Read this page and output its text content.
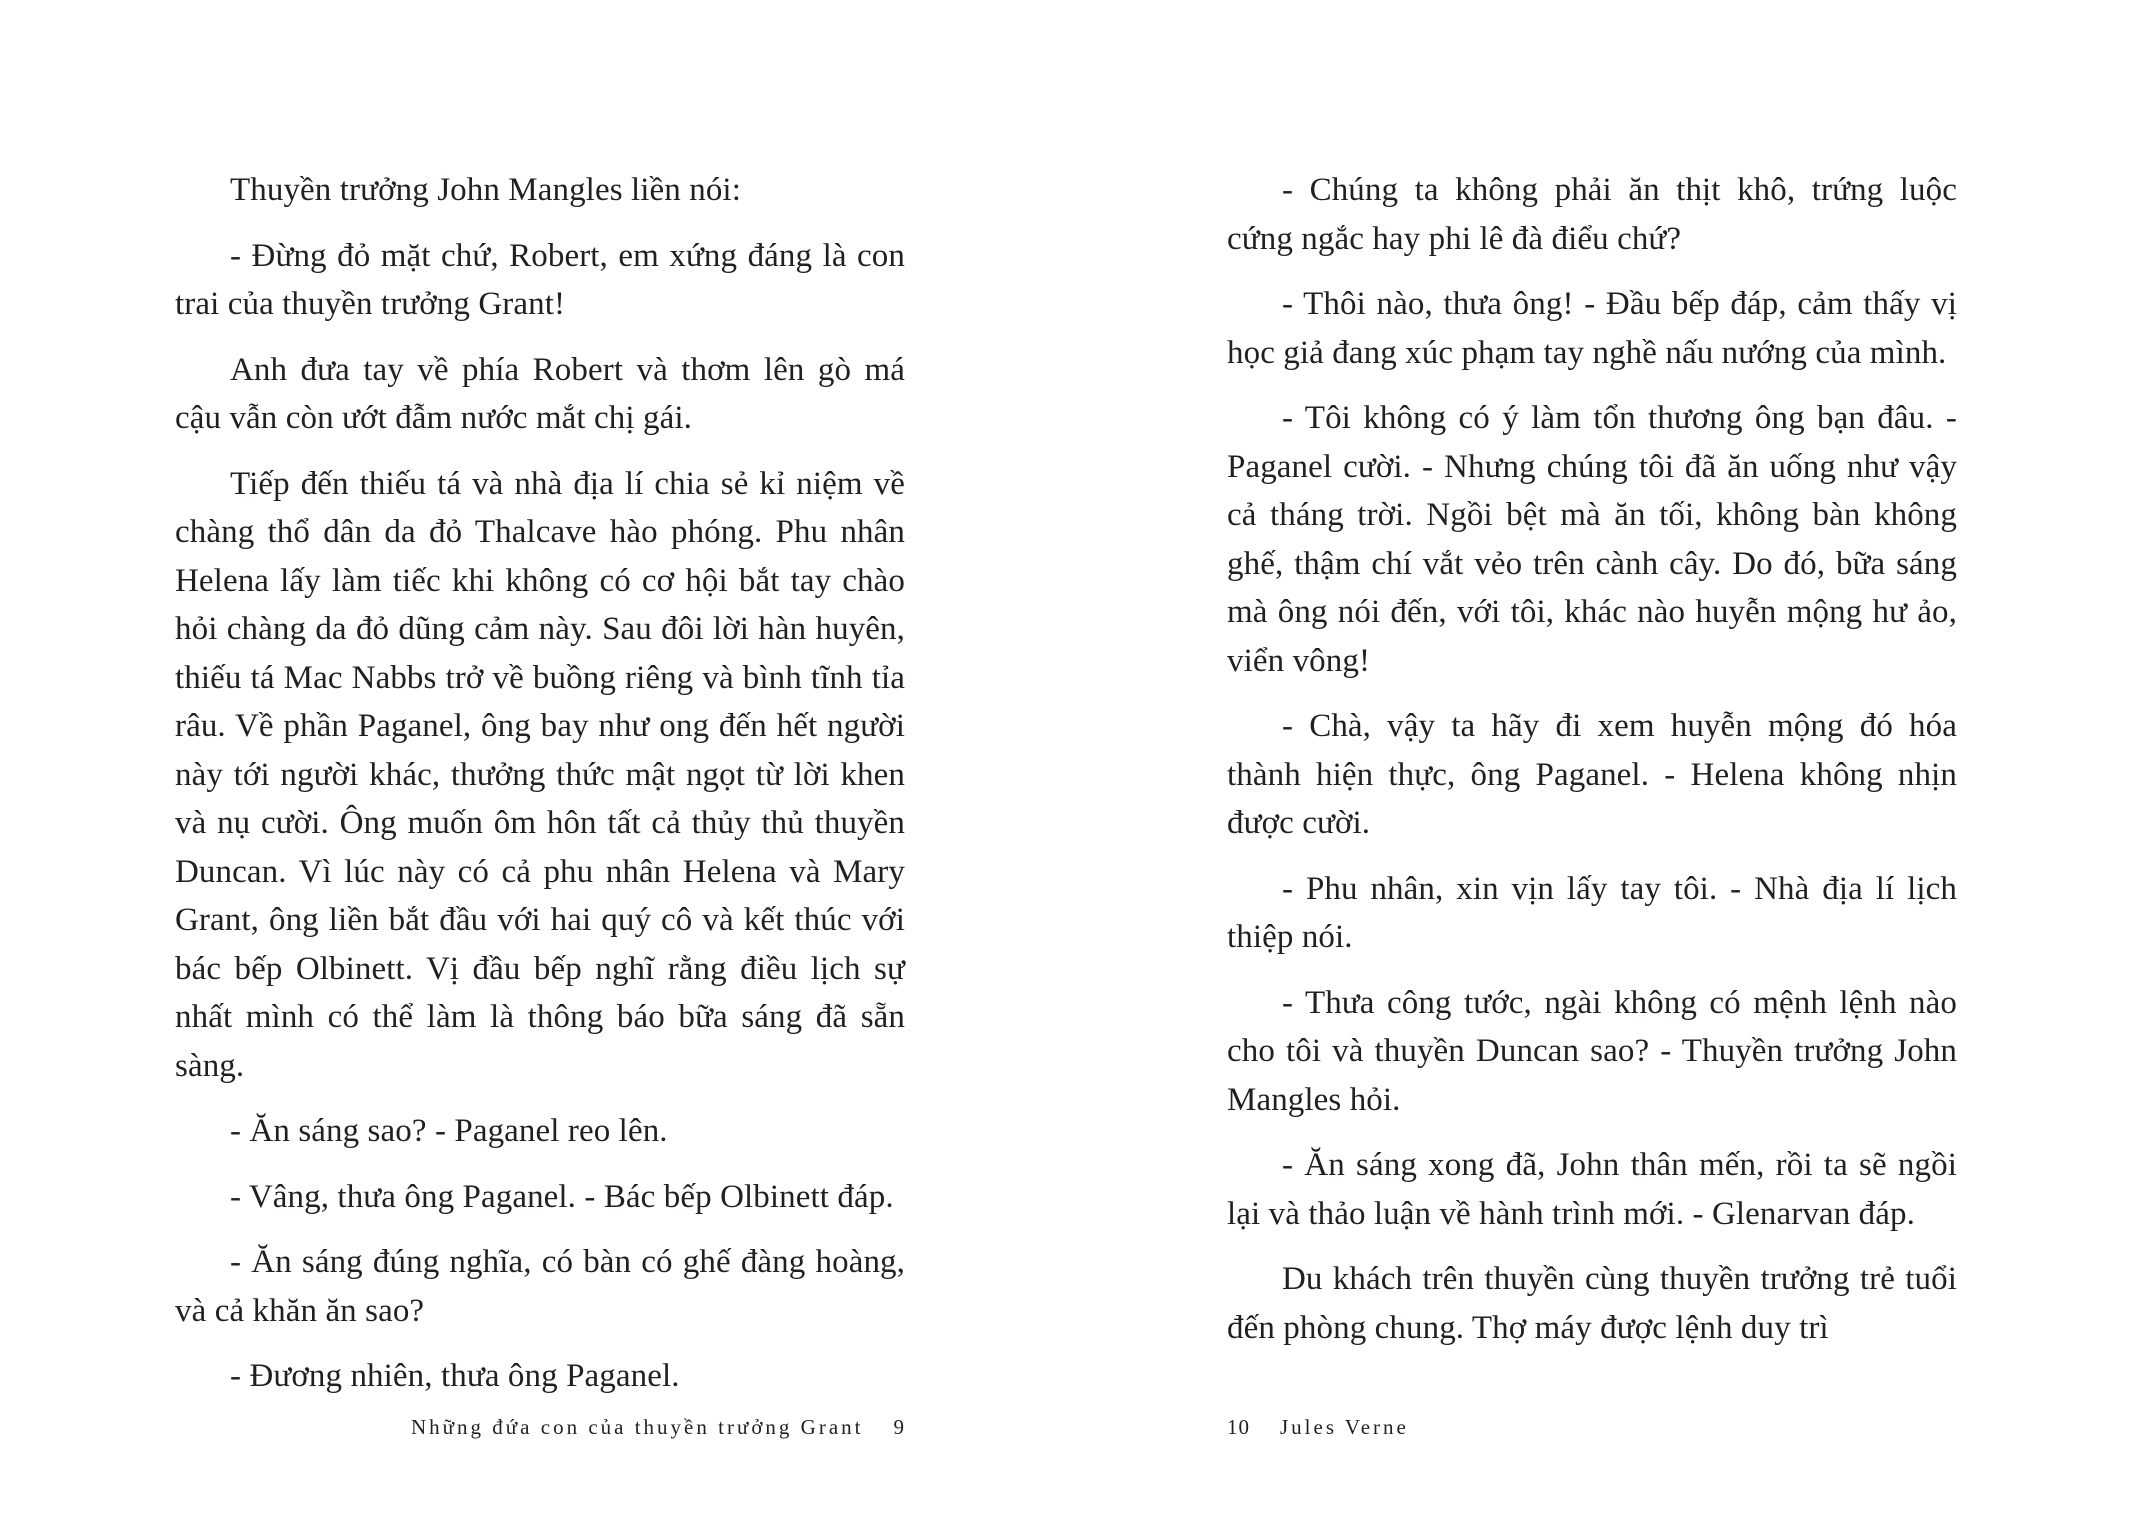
Thuyền trưởng John Mangles liền nói:

- Đừng đỏ mặt chứ, Robert, em xứng đáng là con trai của thuyền trưởng Grant!

Anh đưa tay về phía Robert và thơm lên gò má cậu vẫn còn ướt đẫm nước mắt chị gái.

Tiếp đến thiếu tá và nhà địa lí chia sẻ kỉ niệm về chàng thổ dân da đỏ Thalcave hào phóng. Phu nhân Helena lấy làm tiếc khi không có cơ hội bắt tay chào hỏi chàng da đỏ dũng cảm này. Sau đôi lời hàn huyên, thiếu tá Mac Nabbs trở về buồng riêng và bình tĩnh tỉa râu. Về phần Paganel, ông bay như ong đến hết người này tới người khác, thưởng thức mật ngọt từ lời khen và nụ cười. Ông muốn ôm hôn tất cả thủy thủ thuyền Duncan. Vì lúc này có cả phu nhân Helena và Mary Grant, ông liền bắt đầu với hai quý cô và kết thúc với bác bếp Olbinett. Vị đầu bếp nghĩ rằng điều lịch sự nhất mình có thể làm là thông báo bữa sáng đã sẵn sàng.

- Ăn sáng sao? - Paganel reo lên.

- Vâng, thưa ông Paganel. - Bác bếp Olbinett đáp.

- Ăn sáng đúng nghĩa, có bàn có ghế đàng hoàng, và cả khăn ăn sao?

- Đương nhiên, thưa ông Paganel.

Những đứa con của thuyền trưởng Grant 9

- Chúng ta không phải ăn thịt khô, trứng luộc cứng ngắc hay phi lê đà điểu chứ?

- Thôi nào, thưa ông! - Đầu bếp đáp, cảm thấy vị học giả đang xúc phạm tay nghề nấu nướng của mình.

- Tôi không có ý làm tổn thương ông bạn đâu. - Paganel cười. - Nhưng chúng tôi đã ăn uống như vậy cả tháng trời. Ngồi bệt mà ăn tối, không bàn không ghế, thậm chí vắt vẻo trên cành cây. Do đó, bữa sáng mà ông nói đến, với tôi, khác nào huyễn mộng hư ảo, viển vông!

- Chà, vậy ta hãy đi xem huyễn mộng đó hóa thành hiện thực, ông Paganel. - Helena không nhịn được cười.

- Phu nhân, xin vịn lấy tay tôi. - Nhà địa lí lịch thiệp nói.

- Thưa công tước, ngài không có mệnh lệnh nào cho tôi và thuyền Duncan sao? - Thuyền trưởng John Mangles hỏi.

- Ăn sáng xong đã, John thân mến, rồi ta sẽ ngồi lại và thảo luận về hành trình mới. - Glenarvan đáp.

Du khách trên thuyền cùng thuyền trưởng trẻ tuổi đến phòng chung. Thợ máy được lệnh duy trì

10 Jules Verne
